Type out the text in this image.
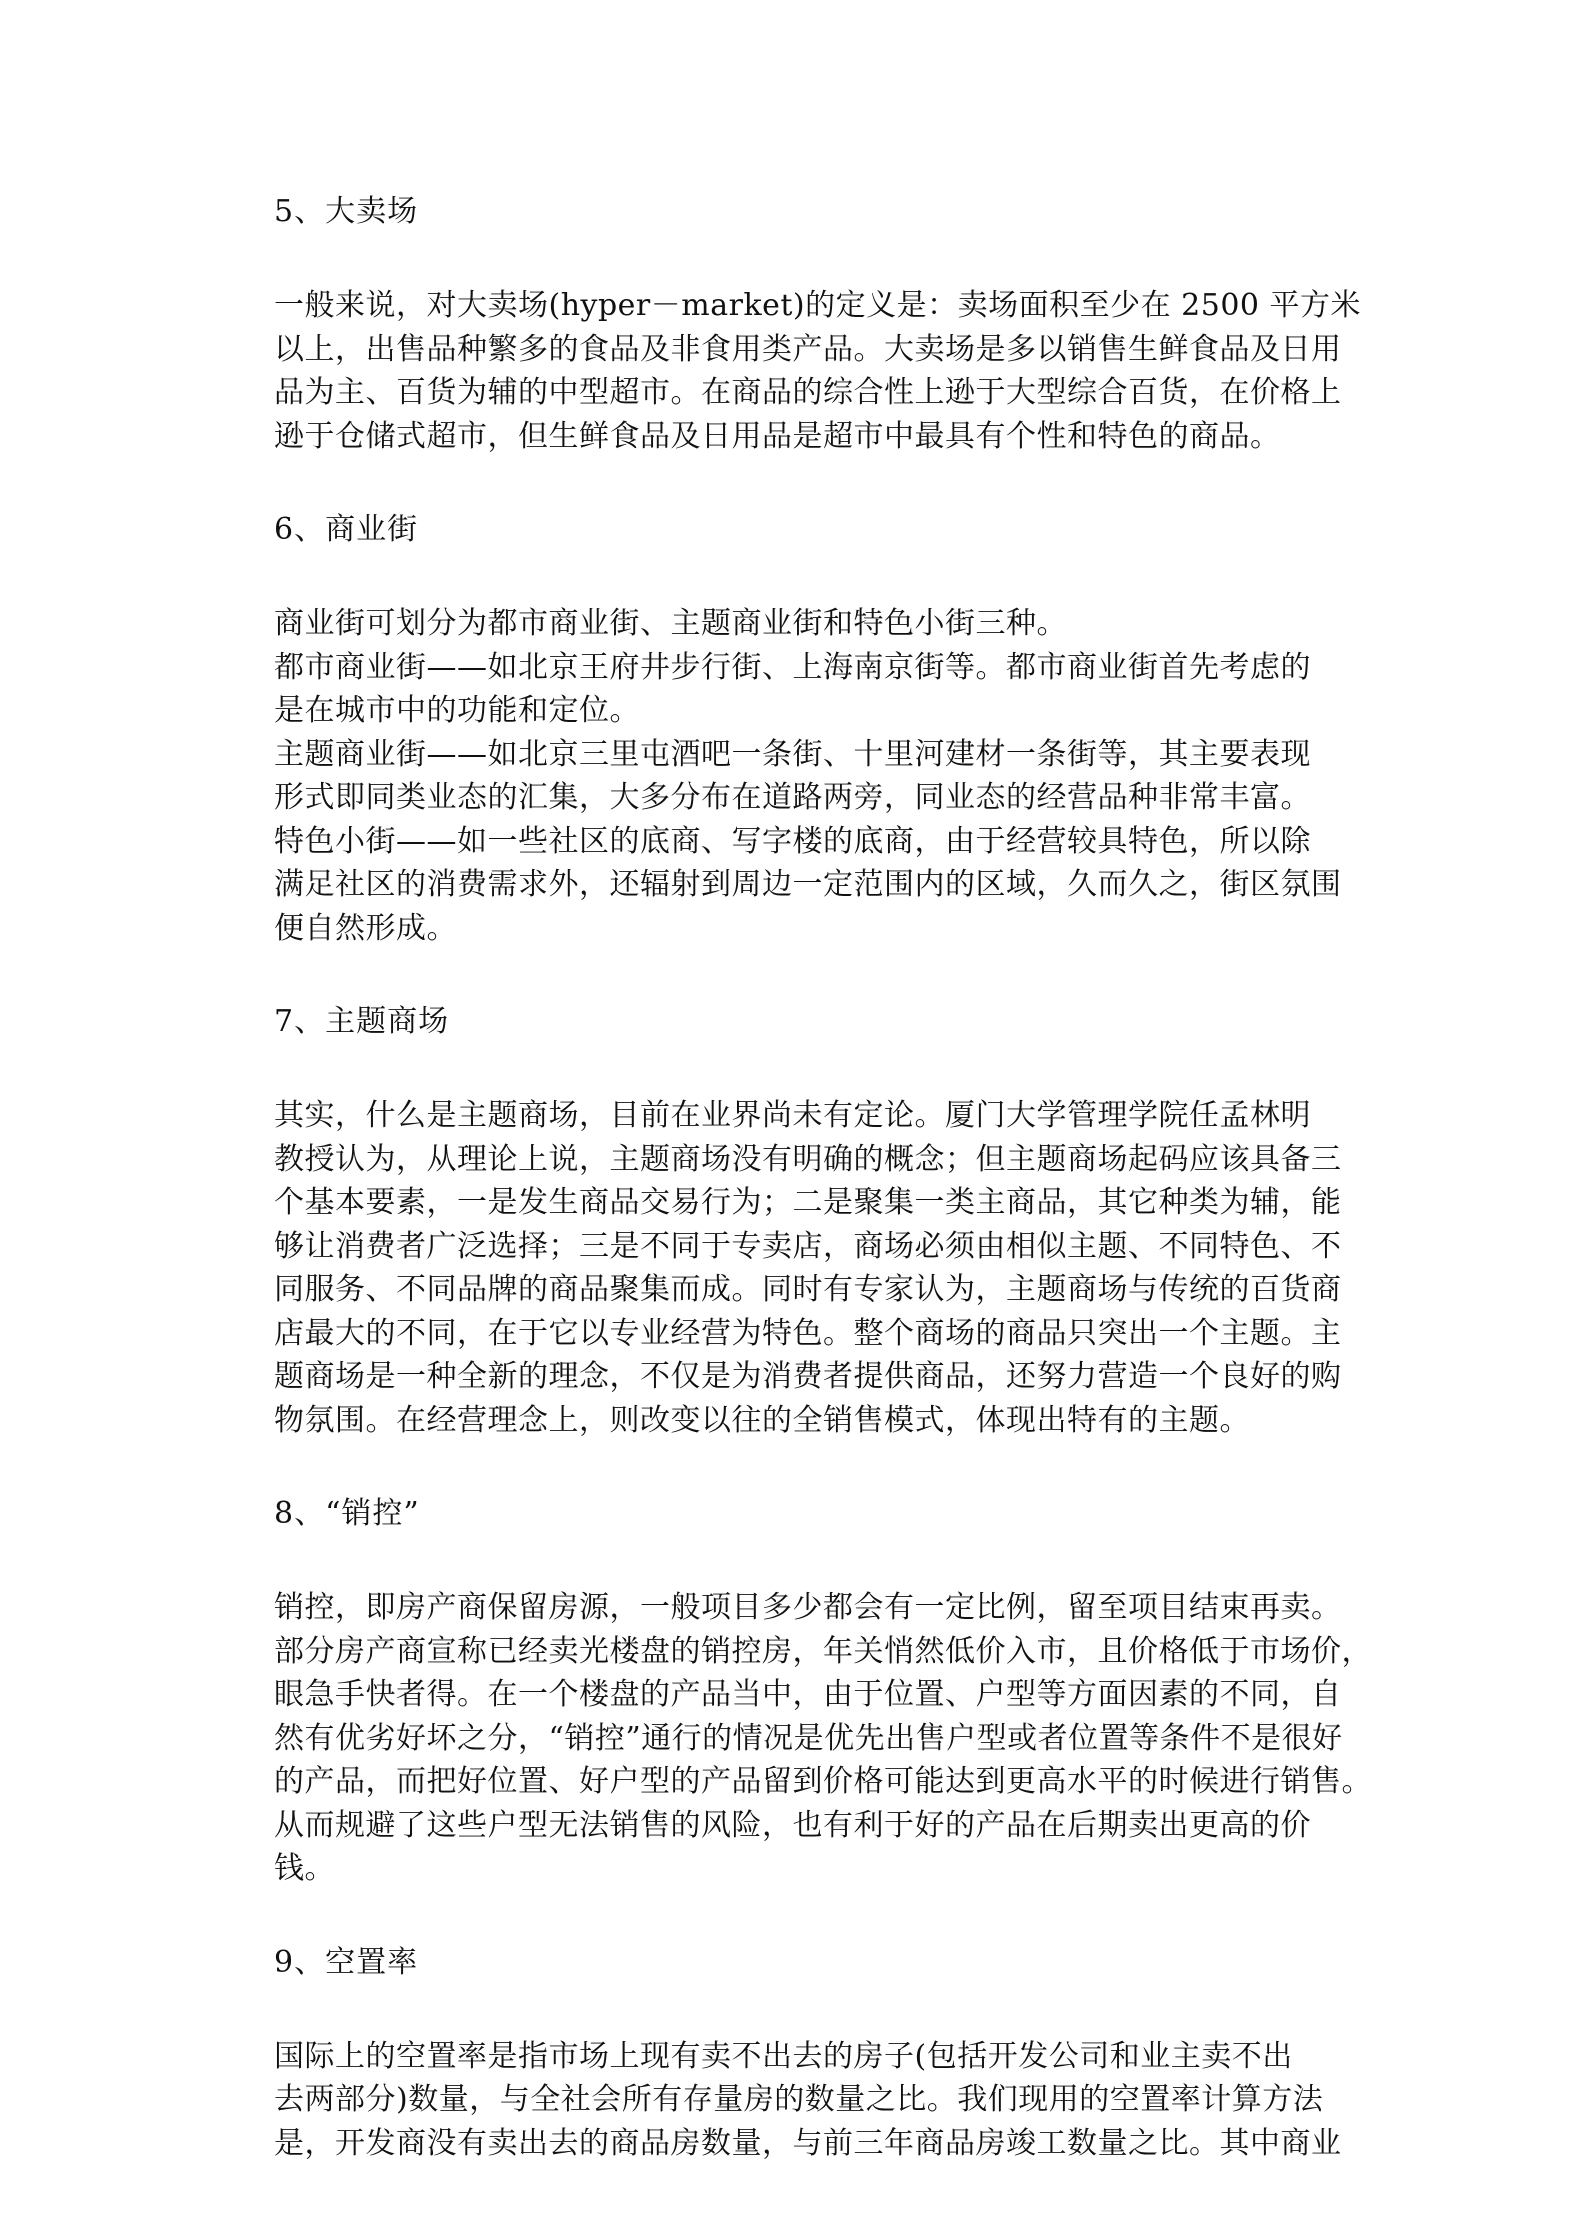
5、大卖场
一般来说，对大卖场(hyper－market)的定义是：卖场面积至少在 2500 平方米
以上，出售品种繁多的食品及非食用类产品。大卖场是多以销售生鲜食品及日用
品为主、百货为辅的中型超市。在商品的综合性上逊于大型综合百货，在价格上
逊于仓储式超市，但生鲜食品及日用品是超市中最具有个性和特色的商品。
6、商业街
商业街可划分为都市商业街、主题商业街和特色小街三种。
都市商业街——如北京王府井步行街、上海南京街等。都市商业街首先考虑的
是在城市中的功能和定位。
主题商业街——如北京三里屯酒吧一条街、十里河建材一条街等，其主要表现
形式即同类业态的汇集，大多分布在道路两旁，同业态的经营品种非常丰富。
特色小街——如一些社区的底商、写字楼的底商，由于经营较具特色，所以除
满足社区的消费需求外，还辐射到周边一定范围内的区域，久而久之，街区氛围
便自然形成。
7、主题商场
其实，什么是主题商场，目前在业界尚未有定论。厦门大学管理学院任孟林明
教授认为，从理论上说，主题商场没有明确的概念；但主题商场起码应该具备三
个基本要素，一是发生商品交易行为；二是聚集一类主商品，其它种类为辅，能
够让消费者广泛选择；三是不同于专卖店，商场必须由相似主题、不同特色、不
同服务、不同品牌的商品聚集而成。同时有专家认为，主题商场与传统的百货商
店最大的不同，在于它以专业经营为特色。整个商场的商品只突出一个主题。主
题商场是一种全新的理念，不仅是为消费者提供商品，还努力营造一个良好的购
物氛围。在经营理念上，则改变以往的全销售模式，体现出特有的主题。
8、“销控”
销控，即房产商保留房源，一般项目多少都会有一定比例，留至项目结束再卖。
部分房产商宣称已经卖光楼盘的销控房，年关悄然低价入市，且价格低于市场价，
眼急手快者得。在一个楼盘的产品当中，由于位置、户型等方面因素的不同，自
然有优劣好坏之分，“销控”通行的情况是优先出售户型或者位置等条件不是很好
的产品，而把好位置、好户型的产品留到价格可能达到更高水平的时候进行销售。
从而规避了这些户型无法销售的风险，也有利于好的产品在后期卖出更高的价
钱。
9、空置率
国际上的空置率是指市场上现有卖不出去的房子(包括开发公司和业主卖不出
去两部分)数量，与全社会所有存量房的数量之比。我们现用的空置率计算方法
是，开发商没有卖出去的商品房数量，与前三年商品房竣工数量之比。其中商业
